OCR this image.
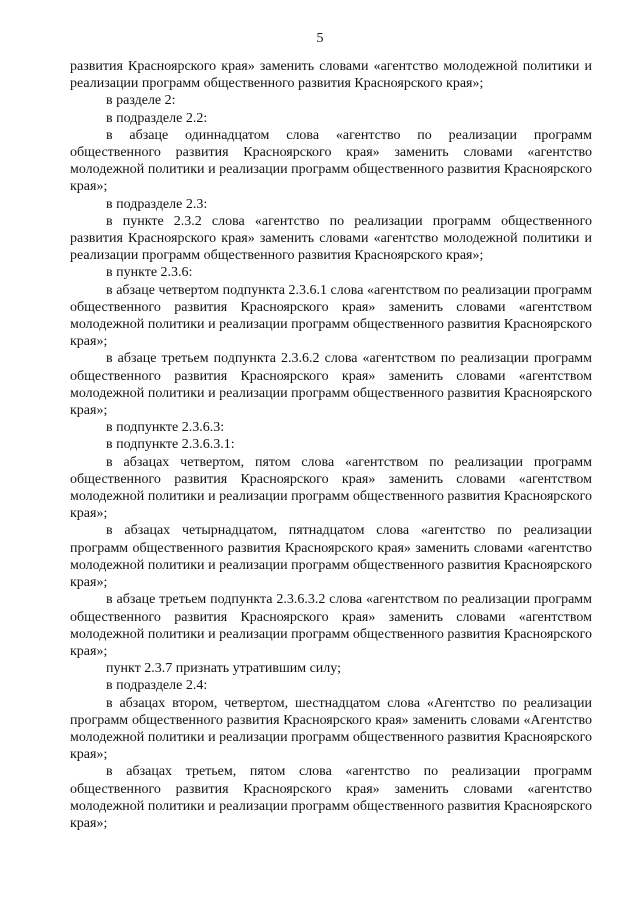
5

развития Красноярского края» заменить словами «агентство молодежной политики и реализации программ общественного развития Красноярского края»;

в разделе 2:

в подразделе 2.2:

в абзаце одиннадцатом слова «агентство по реализации программ общественного развития Красноярского края» заменить словами «агентство молодежной политики и реализации программ общественного развития Красноярского края»;

в подразделе 2.3:

в пункте 2.3.2 слова «агентство по реализации программ общественного развития Красноярского края» заменить словами «агентство молодежной политики и реализации программ общественного развития Красноярского края»;

в пункте 2.3.6:

в абзаце четвертом подпункта 2.3.6.1 слова «агентством по реализации программ общественного развития Красноярского края» заменить словами «агентством молодежной политики и реализации программ общественного развития Красноярского края»;

в абзаце третьем подпункта 2.3.6.2 слова «агентством по реализации программ общественного развития Красноярского края» заменить словами «агентством молодежной политики и реализации программ общественного развития Красноярского края»;

в подпункте 2.3.6.3:

в подпункте 2.3.6.3.1:

в абзацах четвертом, пятом слова «агентством по реализации программ общественного развития Красноярского края» заменить словами «агентством молодежной политики и реализации программ общественного развития Красноярского края»;

в абзацах четырнадцатом, пятнадцатом слова «агентство по реализации программ общественного развития Красноярского края» заменить словами «агентство молодежной политики и реализации программ общественного развития Красноярского края»;

в абзаце третьем подпункта 2.3.6.3.2 слова «агентством по реализации программ общественного развития Красноярского края» заменить словами «агентством молодежной политики и реализации программ общественного развития Красноярского края»;

пункт 2.3.7 признать утратившим силу;

в подразделе 2.4:

в абзацах втором, четвертом, шестнадцатом слова «Агентство по реализации программ общественного развития Красноярского края» заменить словами «Агентство молодежной политики и реализации программ общественного развития Красноярского края»;

в абзацах третьем, пятом слова «агентство по реализации программ общественного развития Красноярского края» заменить словами «агентство молодежной политики и реализации программ общественного развития Красноярского края»;
